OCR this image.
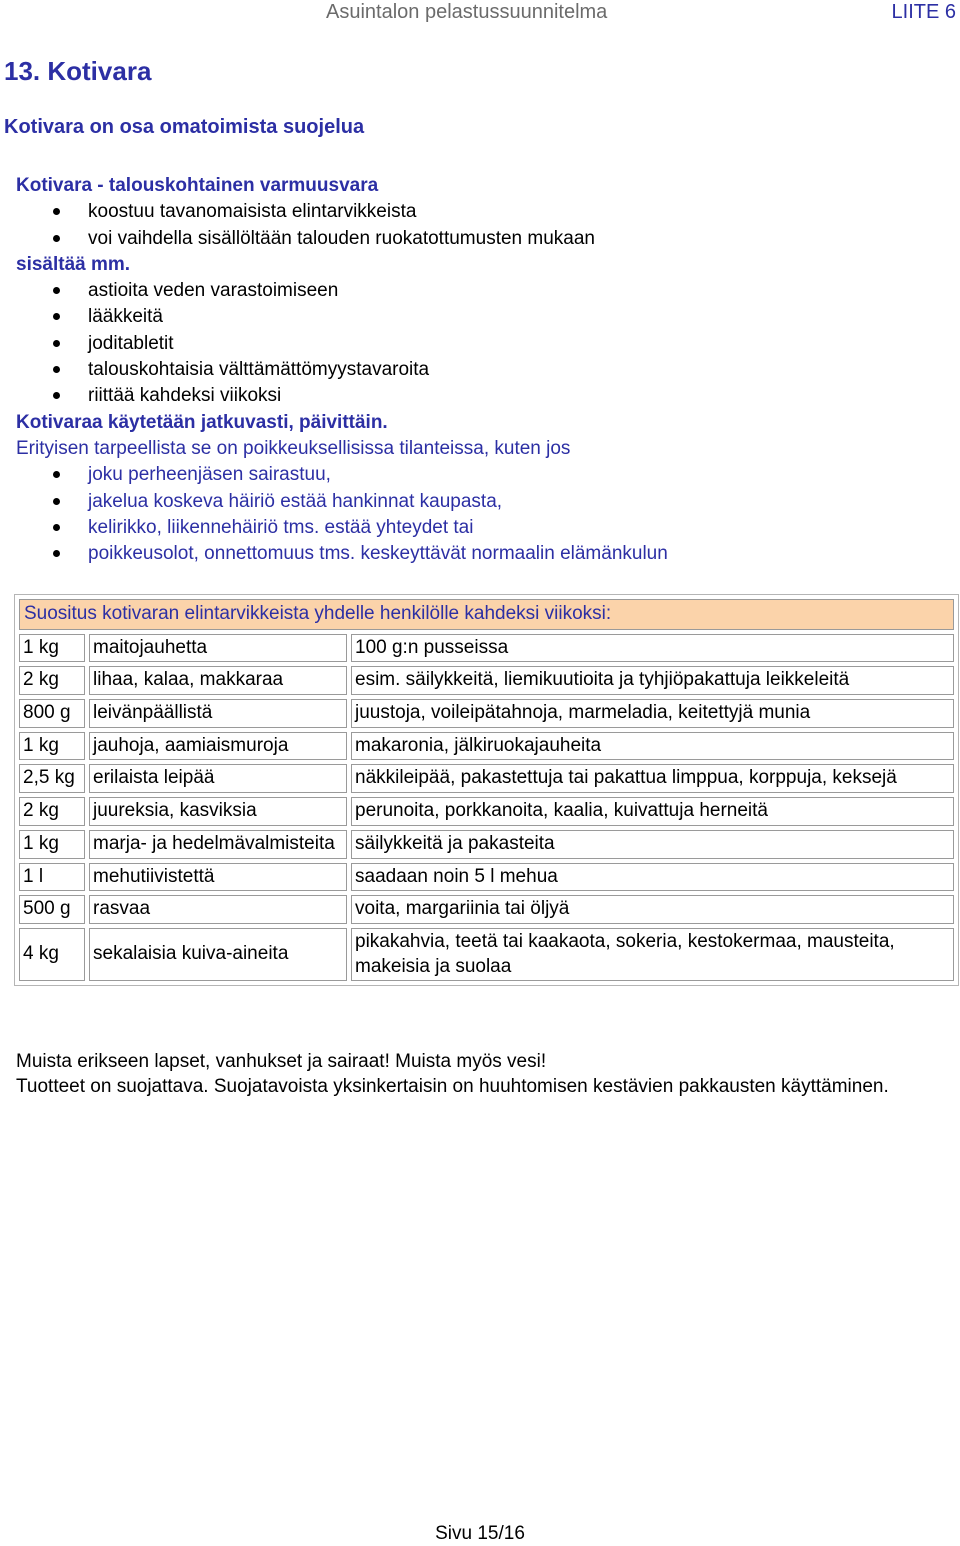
Asuintalon pelastussuunnitelma	LIITE 6
13. Kotivara
Kotivara on osa omatoimista suojelua
Kotivara - talouskohtainen varmuusvara
koostuu tavanomaisista elintarvikkeista
voi vaihdella sisällöltään talouden ruokatottumusten mukaan
sisältää mm.
astioita veden varastoimiseen
lääkkeitä
joditabletit
talouskohtaisia välttämättömyystavaroita
riittää kahdeksi viikoksi
Kotivaraa käytetään jatkuvasti, päivittäin.
Erityisen tarpeellista se on poikkeuksellisissa tilanteissa, kuten jos
joku perheenjäsen sairastuu,
jakelua koskeva häiriö estää hankinnat kaupasta,
kelirikko, liikennehäiriö tms. estää yhteydet tai
poikkeusolot, onnettomuus tms. keskeyttävät normaalin elämänkulun
Suositus kotivaran elintarvikkeista yhdelle henkilölle kahdeksi viikoksi:		
1 kg	maitojauhetta	100 g:n pusseissa
2 kg	lihaa, kalaa, makkaraa	esim. säilykkeitä, liemikuutioita ja tyhjiöpakattuja leikkeleitä
800 g	leivänpäällistä	juustoja, voileipätahnoja, marmeladia, keitettyjä munia
1 kg	jauhoja, aamiaismuroja	makaronia, jälkiruokajauheita
2,5 kg	erilaista leipää	näkkileipää, pakastettuja tai pakattua limppua, korppuja, keksejä
2 kg	juureksia, kasviksia	perunoita, porkkanoita, kaalia, kuivattuja herneitä
1 kg	marja- ja hedelmävalmisteita	säilykkeitä ja pakasteita
1 l	mehutiivistettä	saadaan noin 5 l mehua
500 g	rasvaa	voita, margariinia tai öljyä
4 kg	sekalaisia kuiva-aineita	pikakahvia, teetä tai kaakaota, sokeria, kestokermaa, mausteita, makeisia ja suolaa
Muista erikseen lapset, vanhukset ja sairaat! Muista myös vesi!
Tuotteet on suojattava. Suojatavoista yksinkertaisin on huuhtomisen kestävien pakkausten käyttäminen.
Sivu 15/16
